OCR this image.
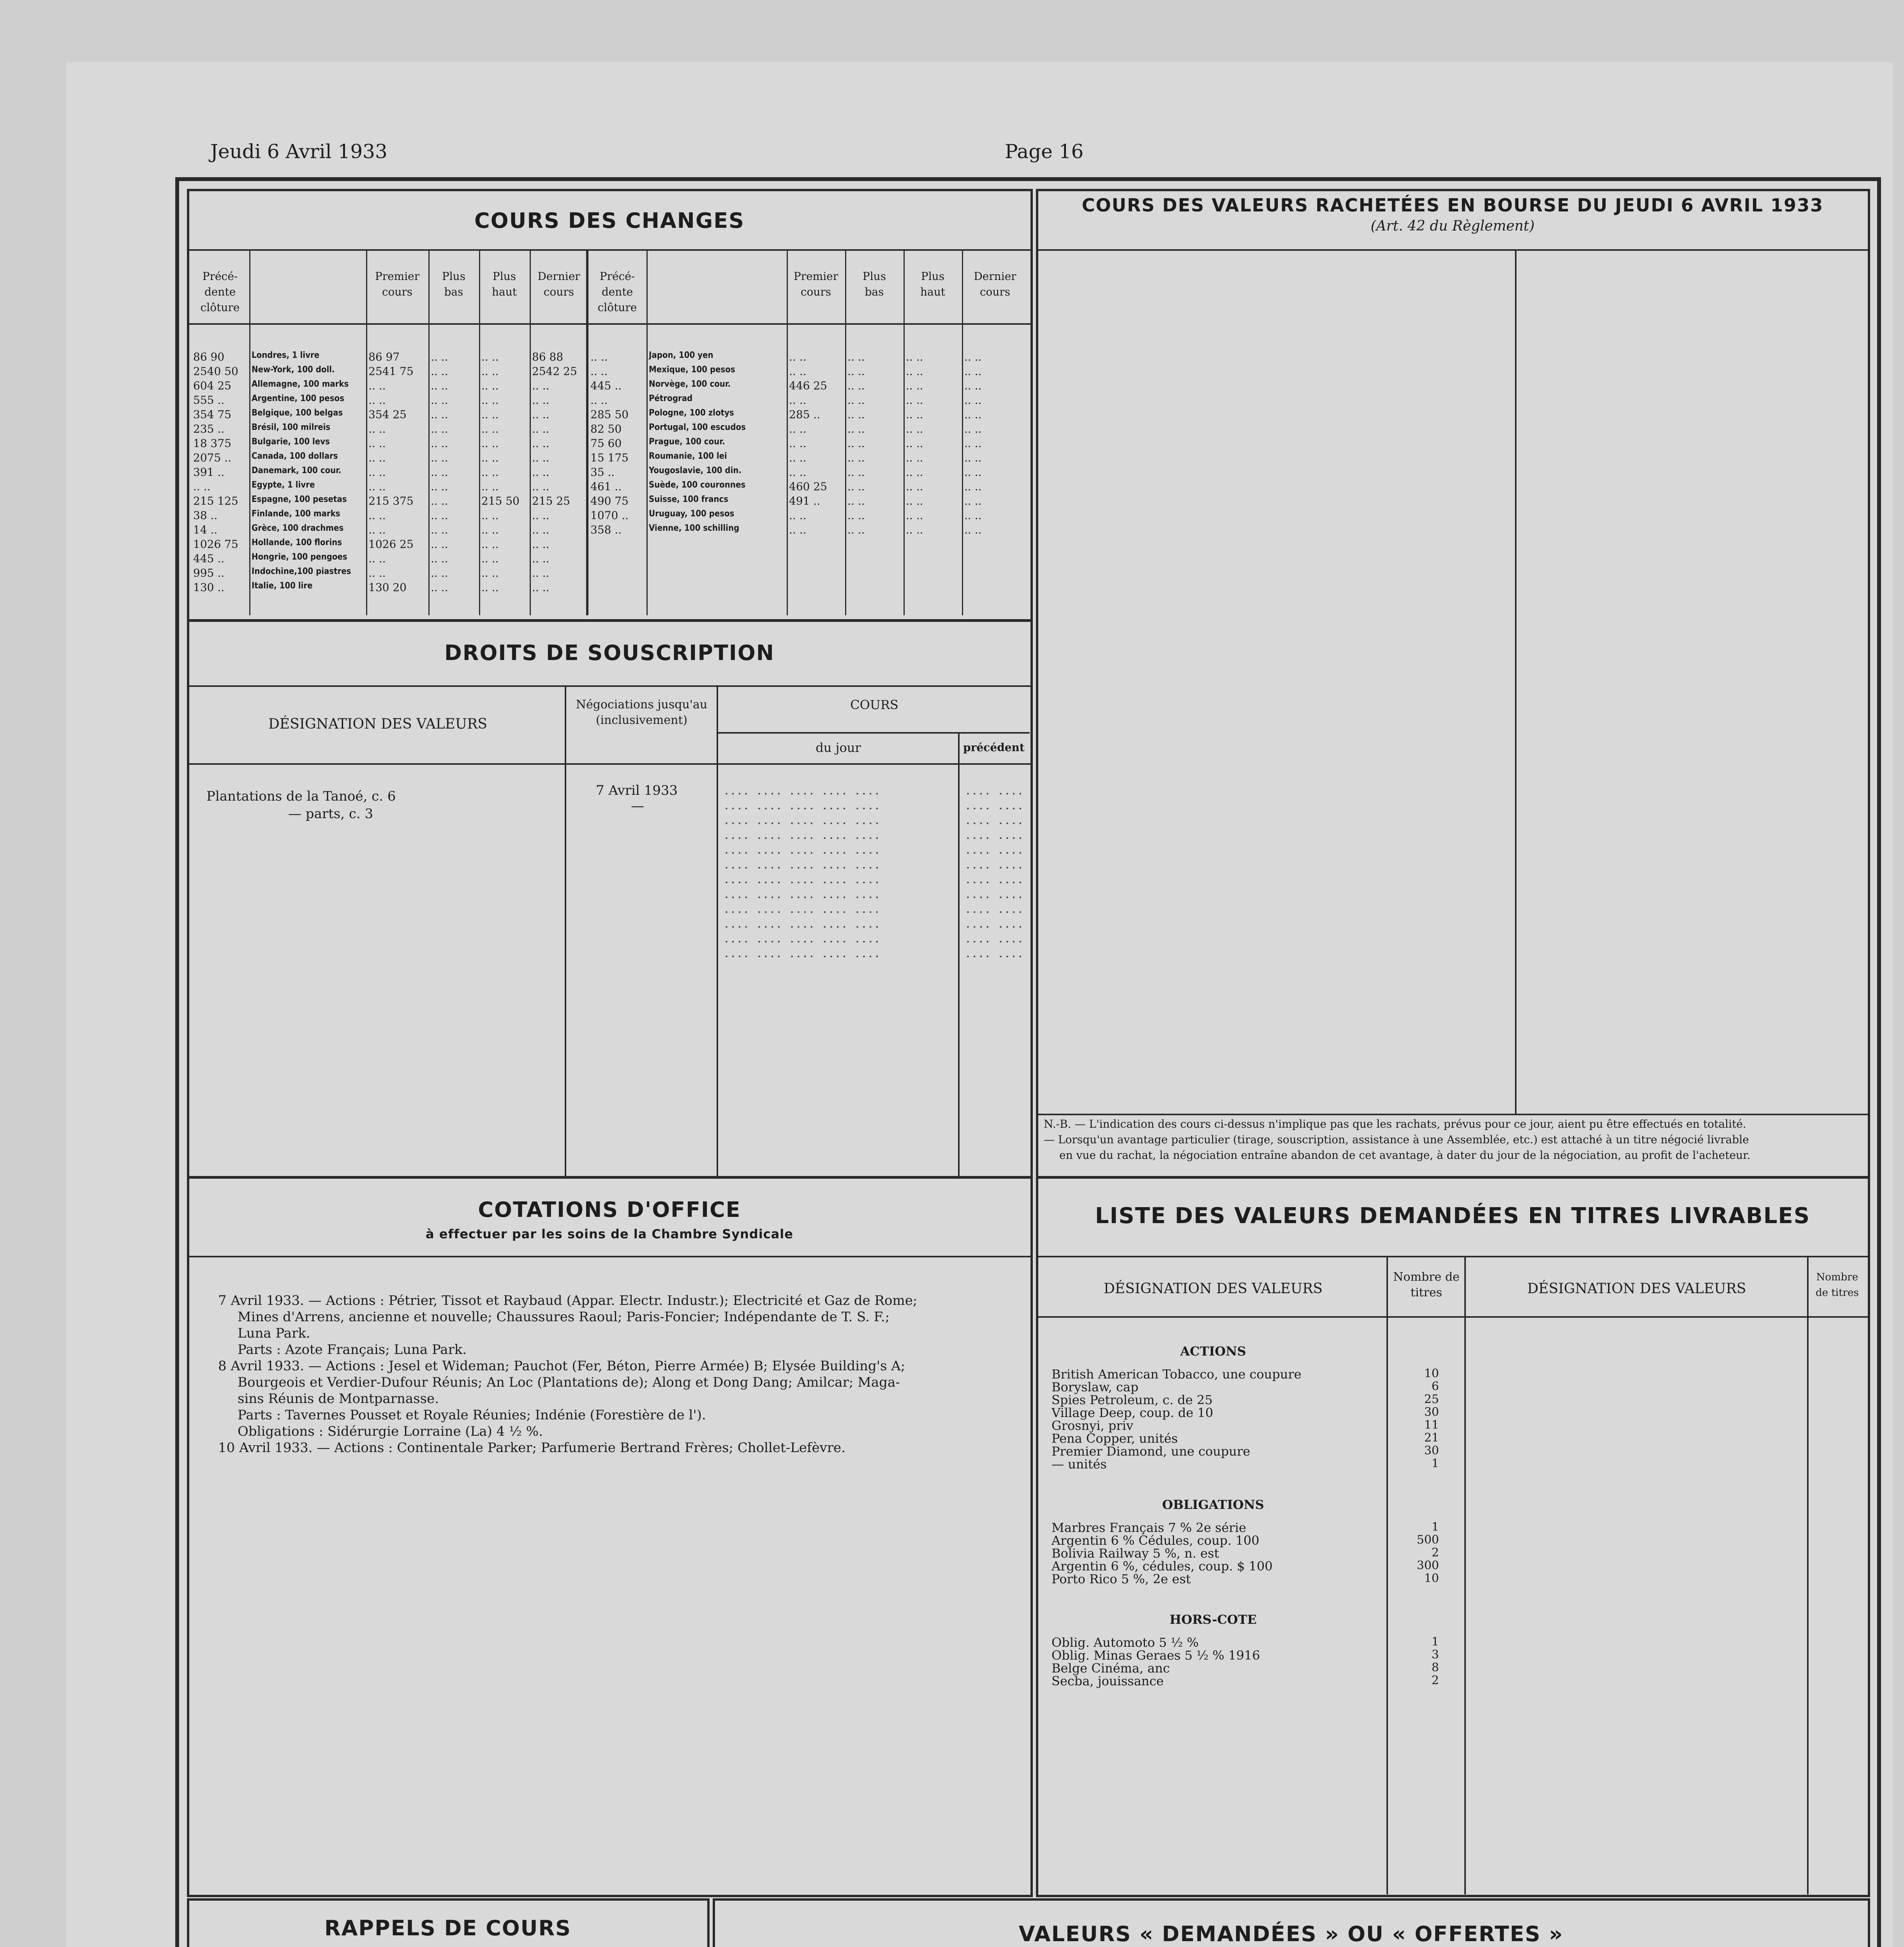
Jeudi 6 Avril 1933	Page 16
COURS DES CHANGES
Précé-
dente
clôture
Premier
cours
Plus
bas
Plus
haut
Dernier
cours
Précé-
dente
clôture
Premier
cours
Plus
bas
Plus
haut
Dernier
cours
86 90	Londres, 1 livre	86 97	.. ..	.. ..	86 88
2540 50	New-York, 100 doll.	2541 75	.. ..	.. ..	2542 25
604 25	Allemagne, 100 marks	.. ..	.. ..	.. ..	.. ..
555 ..	Argentine, 100 pesos	.. ..	.. ..	.. ..	.. ..
354 75	Belgique, 100 belgas	354 25	.. ..	.. ..	.. ..
235 ..	Brésil, 100 milreis	.. ..	.. ..	.. ..	.. ..
18 375	Bulgarie, 100 levs	.. ..	.. ..	.. ..	.. ..
2075 ..	Canada, 100 dollars	.. ..	.. ..	.. ..	.. ..
391 ..	Danemark, 100 cour.	.. ..	.. ..	.. ..	.. ..
.. ..	Egypte, 1 livre	.. ..	.. ..	.. ..	.. ..
215 125	Espagne, 100 pesetas	215 375	.. ..	215 50	215 25
38 ..	Finlande, 100 marks	.. ..	.. ..	.. ..	.. ..
14 ..	Grèce, 100 drachmes	.. ..	.. ..	.. ..	.. ..
1026 75	Hollande, 100 florins	1026 25	.. ..	.. ..	.. ..
445 ..	Hongrie, 100 pengoes	.. ..	.. ..	.. ..	.. ..
995 ..	Indochine,100 piastres	.. ..	.. ..	.. ..	.. ..
130 ..	Italie, 100 lire	130 20	.. ..	.. ..	.. ..
.. ..	Japon, 100 yen	.. ..	.. ..	.. ..	.. ..
.. ..	Mexique, 100 pesos	.. ..	.. ..	.. ..	.. ..
445 ..	Norvège, 100 cour.	446 25	.. ..	.. ..	.. ..
.. ..	Pétrograd	.. ..	.. ..	.. ..	.. ..
285 50	Pologne, 100 zlotys	285 ..	.. ..	.. ..	.. ..
82 50	Portugal, 100 escudos	.. ..	.. ..	.. ..	.. ..
75 60	Prague, 100 cour.	.. ..	.. ..	.. ..	.. ..
15 175	Roumanie, 100 lei	.. ..	.. ..	.. ..	.. ..
35 ..	Yougoslavie, 100 din.	.. ..	.. ..	.. ..	.. ..
461 ..	Suède, 100 couronnes	460 25	.. ..	.. ..	.. ..
490 75	Suisse, 100 francs	491 ..	.. ..	.. ..	.. ..
1070 ..	Uruguay, 100 pesos	.. ..	.. ..	.. ..	.. ..
358 ..	Vienne, 100 schilling	.. ..	.. ..	.. ..	.. ..
COURS DES VALEURS RACHETÉES EN BOURSE DU JEUDI 6 AVRIL 1933
(Art. 42 du Règlement)
N.-B. — L'indication des cours ci-dessus n'implique pas que les rachats, prévus pour ce jour, aient pu être effectués en totalité.
— Lorsqu'un avantage particulier (tirage, souscription, assistance à une Assemblée, etc.) est attaché à un titre négocié livrable
en vue du rachat, la négociation entraîne abandon de cet avantage, à dater du jour de la négociation, au profit de l'acheteur.
DROITS DE SOUSCRIPTION
DÉSIGNATION DES VALEURS
Négociations jusqu'au (inclusivement)
COURS
du jour	précédent
Plantations de la Tanoé, c. 6
— parts, c. 3
7 Avril 1933
—
.... .... .... .... ....
.... .... .... .... ....
.... .... .... .... ....
.... .... .... .... ....
.... .... .... .... ....
.... .... .... .... ....
.... .... .... .... ....
.... .... .... .... ....
.... .... .... .... ....
.... .... .... .... ....
.... .... .... .... ....
.... .... .... .... ....
.... ....
.... ....
.... ....
.... ....
.... ....
.... ....
.... ....
.... ....
.... ....
.... ....
.... ....
.... ....
COTATIONS D'OFFICE
à effectuer par les soins de la Chambre Syndicale
7 Avril 1933. — Actions : Pétrier, Tissot et Raybaud (Appar. Electr. Industr.); Electricité et Gaz de Rome;
Mines d'Arrens, ancienne et nouvelle; Chaussures Raoul; Paris-Foncier; Indépendante de T. S. F.;
Luna Park.
Parts : Azote Français; Luna Park.
8 Avril 1933. — Actions : Jesel et Wideman; Pauchot (Fer, Béton, Pierre Armée) B; Elysée Building's A;
Bourgeois et Verdier-Dufour Réunis; An Loc (Plantations de); Along et Dong Dang; Amilcar; Maga-
sins Réunis de Montparnasse.
Parts : Tavernes Pousset et Royale Réunies; Indénie (Forestière de l').
Obligations : Sidérurgie Lorraine (La) 4 ½ %.
10 Avril 1933. — Actions : Continentale Parker; Parfumerie Bertrand Frères; Chollet-Lefèvre.
LISTE DES VALEURS DEMANDÉES EN TITRES LIVRABLES
DÉSIGNATION DES VALEURS
Nombre de titres	DÉSIGNATION DES VALEURS
Nombre de titres
ACTIONS
British American Tobacco, une coupure	10
Boryslaw, cap	6
Spies Petroleum, c. de 25	25
Village Deep, coup. de 10	30
Grosnyi, priv	11
Pena Copper, unités	21
Premier Diamond, une coupure	30
— unités	1
OBLIGATIONS
Marbres Français 7 % 2e série	1
Argentin 6 % Cédules, coup. 100	500
Bolivia Railway 5 %, n. est	2
Argentin 6 %, cédules, coup. $ 100	300
Porto Rico 5 %, 2e est	10
HORS-COTE
Oblig. Automoto 5 ½ %	1
Oblig. Minas Geraes 5 ½ % 1916	3
Belge Cinéma, anc	8
Secba, jouissance	2
RAPPELS DE COURS	VALEURS « DEMANDÉES » OU « OFFERTES »
